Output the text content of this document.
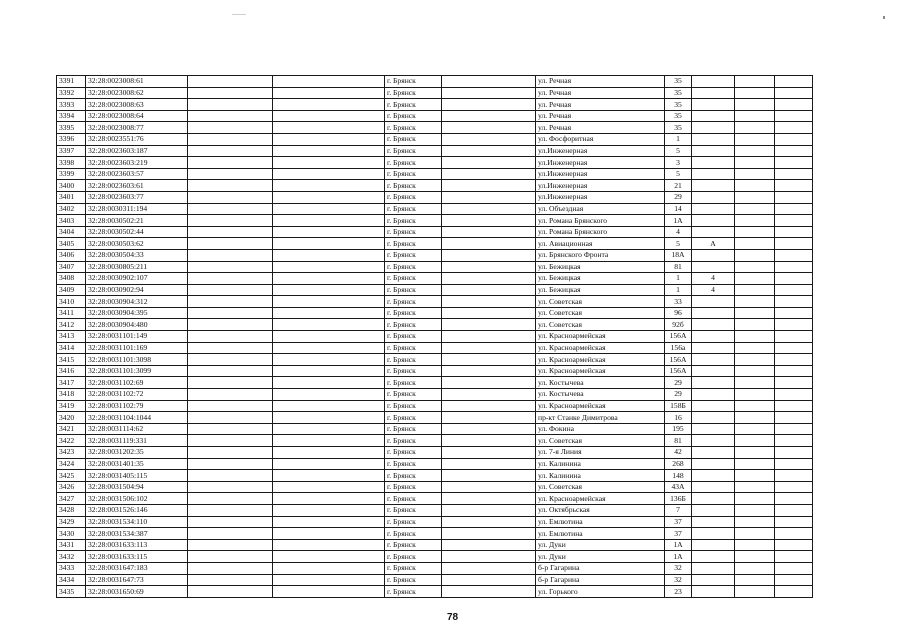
3391	32:28:0023008:61			г. Брянск		ул. Речная	35			
3392	32:28:0023008:62			г. Брянск		ул. Речная	35			
3393	32:28:0023008:63			г. Брянск		ул. Речная	35			
3394	32:28:0023008:64			г. Брянск		ул. Речная	35			
3395	32:28:0023008:77			г. Брянск		ул. Речная	35			
3396	32:28:0023551:76			г. Брянск		ул. Фосфоритная	1			
3397	32:28:0023603:187			г. Брянск		ул.Инженерная	5			
3398	32:28:0023603:219			г. Брянск		ул.Инженерная	3			
3399	32:28:0023603:57			г. Брянск		ул.Инженерная	5			
3400	32:28:0023603:61			г. Брянск		ул.Инженерная	21			
3401	32:28:0023603:77			г. Брянск		ул.Инженерная	29			
3402	32:28:0030311:194			г. Брянск		ул. Объездная	14			
3403	32:28:0030502:21			г. Брянск		ул. Романа Брянского	1А			
3404	32:28:0030502:44			г. Брянск		ул. Романа Брянского	4			
3405	32:28:0030503:62			г. Брянск		ул. Авиационная	5	А		
3406	32:28:0030504:33			г. Брянск		ул. Брянского Фронта	18А			
3407	32:28:0030805:211			г. Брянск		ул. Бежицкая	81			
3408	32:28:0030902:107			г. Брянск		ул. Бежицкая	1	4		
3409	32:28:0030902:94			г. Брянск		ул. Бежицкая	1	4		
3410	32:28:0030904:312			г. Брянск		ул. Советская	33			
3411	32:28:0030904:395			г. Брянск		ул. Советская	96			
3412	32:28:0030904:480			г. Брянск		ул. Советская	92б			
3413	32:28:0031101:149			г. Брянск		ул. Красноармейская	156А			
3414	32:28:0031101:169			г. Брянск		ул. Красноармейская	156а			
3415	32:28:0031101:3098			г. Брянск		ул. Красноармейская	156А			
3416	32:28:0031101:3099			г. Брянск		ул. Красноармейская	156А			
3417	32:28:0031102:69			г. Брянск		ул. Костычева	29			
3418	32:28:0031102:72			г. Брянск		ул. Костычева	29			
3419	32:28:0031102:79			г. Брянск		ул. Красноармейская	158Б			
3420	32:28:0031104:1044			г. Брянск		пр-кт Станке Димитрова	16			
3421	32:28:0031114:62			г. Брянск		ул. Фокина	195			
3422	32:28:0031119:331			г. Брянск		ул. Советская	81			
3423	32:28:0031202:35			г. Брянск		ул. 7-я Линия	42			
3424	32:28:0031401:35			г. Брянск		ул. Калинина	268			
3425	32:28:0031405:115			г. Брянск		ул. Калинина	148			
3426	32:28:0031504:94			г. Брянск		ул. Советская	43А			
3427	32:28:0031506:102			г. Брянск		ул. Красноармейская	136Б			
3428	32:28:0031526:146			г. Брянск		ул. Октябрьская	7			
3429	32:28:0031534:110			г. Брянск		ул. Емлютина	37			
3430	32:28:0031534:387			г. Брянск		ул. Емлютина	37			
3431	32:28:0031633:113			г. Брянск		ул. Дуки	1А			
3432	32:28:0031633:115			г. Брянск		ул. Дуки	1А			
3433	32:28:0031647:183			г. Брянск		б-р Гагарина	32			
3434	32:28:0031647:73			г. Брянск		б-р Гагарина	32			
3435	32:28:0031650:69			г. Брянск		ул. Горького	23			
78
